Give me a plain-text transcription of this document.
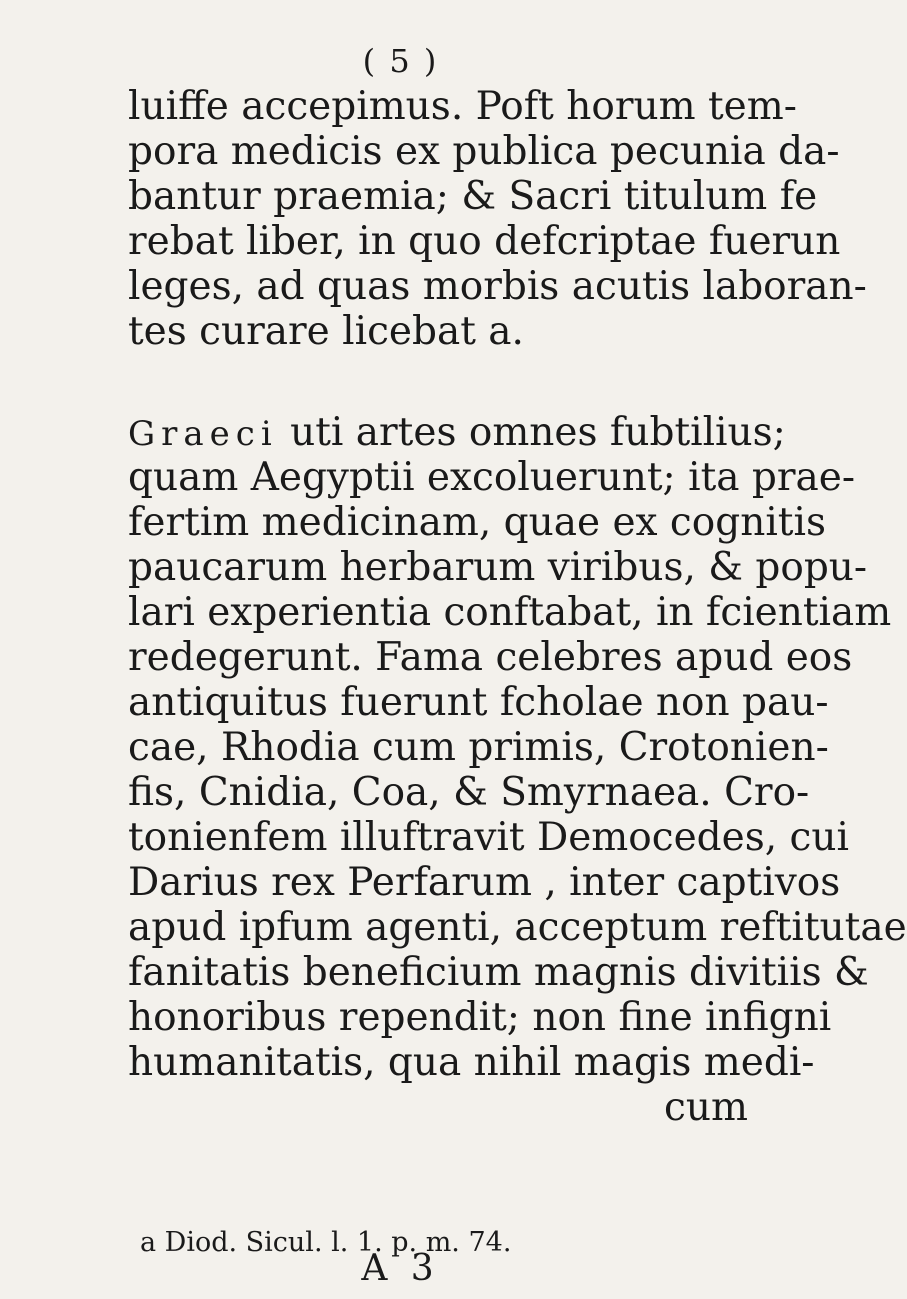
( 5 )
luiffe accepimus. Poft horum tem-
pora medicis ex publica pecunia da-
bantur praemia; & Sacri titulum fe
rebat liber, in quo defcriptae fuerun
leges, ad quas morbis acutis laboran-
tes curare licebat a.
Graeci uti artes omnes fubtilius;
quam Aegyptii excoluerunt; ita prae-
fertim medicinam, quae ex cognitis
paucarum herbarum viribus, & popu-
lari experientia conftabat, in fcientiam
redegerunt. Fama celebres apud eos
antiquitus fuerunt fcholae non pau-
cae, Rhodia cum primis, Crotonien-
fis, Cnidia, Coa, & Smyrnaea. Cro-
tonienfem illuftravit Democedes, cui
Darius rex Perfarum , inter captivos
apud ipfum agenti, acceptum reftitutae
fanitatis beneficium magnis divitiis &
honoribus rependit; non fine infigni
humanitatis, qua nihil magis medi-
cum
a Diod. Sicul. l. 1. p. m. 74.
A 3
